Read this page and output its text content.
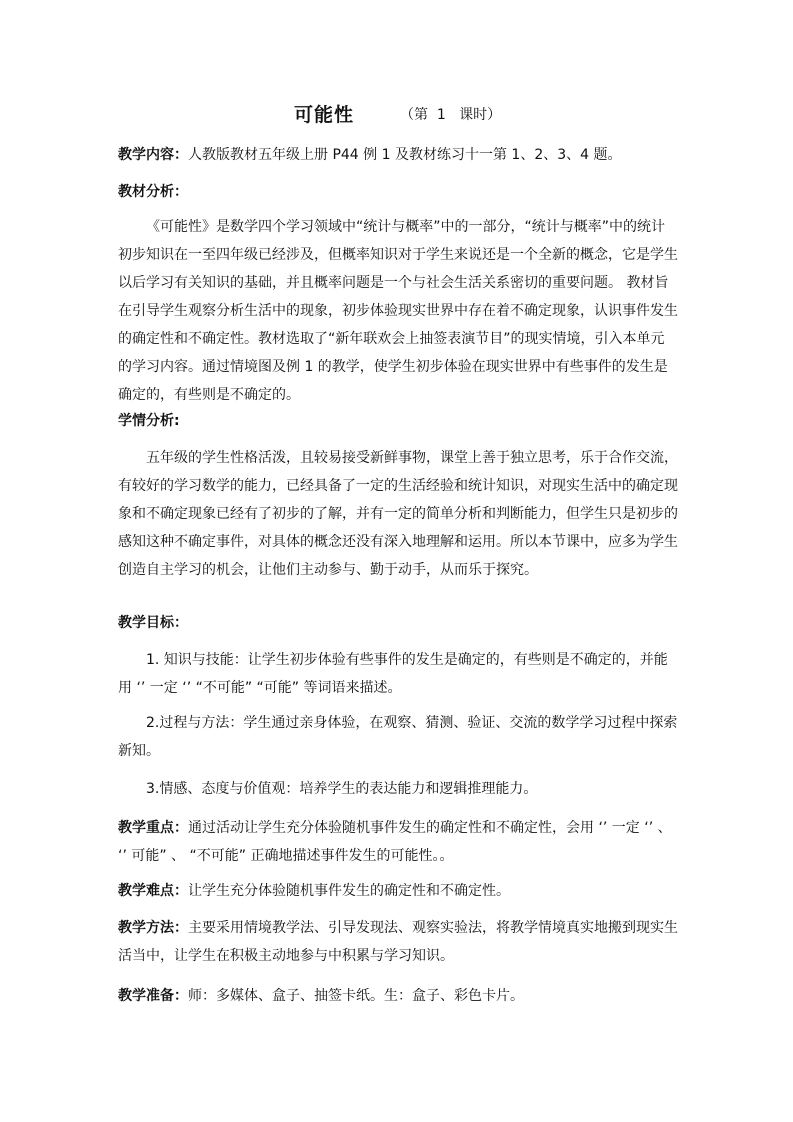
可能性	（第  1   课时）

教学内容：人教版教材五年级上册 P44 例 1 及教材练习十一第 1、2、3、4 题。

教材分析：

《可能性》是数学四个学习领域中“统计与概率”中的一部分，“统计与概率”中的统计初步知识在一至四年级已经涉及，但概率知识对于学生来说还是一个全新的概念，它是学生以后学习有关知识的基础，并且概率问题是一个与社会生活关系密切的重要问题。 教材旨在引导学生观察分析生活中的现象，初步体验现实世界中存在着不确定现象，认识事件发生的确定性和不确定性。教材选取了“新年联欢会上抽签表演节目”的现实情境，引入本单元的学习内容。通过情境图及例 1 的教学，使学生初步体验在现实世界中有些事件的发生是确定的，有些则是不确定的。

学情分析:

五年级的学生性格活泼，且较易接受新鲜事物，课堂上善于独立思考，乐于合作交流，有较好的学习数学的能力，已经具备了一定的生活经验和统计知识，对现实生活中的确定现象和不确定现象已经有了初步的了解，并有一定的简单分析和判断能力，但学生只是初步的感知这种不确定事件，对具体的概念还没有深入地理解和运用。所以本节课中，应多为学生创造自主学习的机会，让他们主动参与、勤于动手，从而乐于探究。

教学目标：

1. 知识与技能：让学生初步体验有些事件的发生是确定的，有些则是不确定的，并能用 ‘’ 一定 ‘’ “不可能” “可能” 等词语来描述。

2.过程与方法：学生通过亲身体验，在观察、猜测、验证、交流的数学学习过程中探索新知。

3.情感、态度与价值观：培养学生的表达能力和逻辑推理能力。

教学重点：通过活动让学生充分体验随机事件发生的确定性和不确定性，会用 ‘’ 一定 ‘’ 、 ‘’ 可能” 、 “不可能” 正确地描述事件发生的可能性。。

教学难点：让学生充分体验随机事件发生的确定性和不确定性。

教学方法：主要采用情境教学法、引导发现法、观察实验法，将教学情境真实地搬到现实生活当中，让学生在积极主动地参与中积累与学习知识。

教学准备：师：多媒体、盒子、抽签卡纸。生：盒子、彩色卡片。
